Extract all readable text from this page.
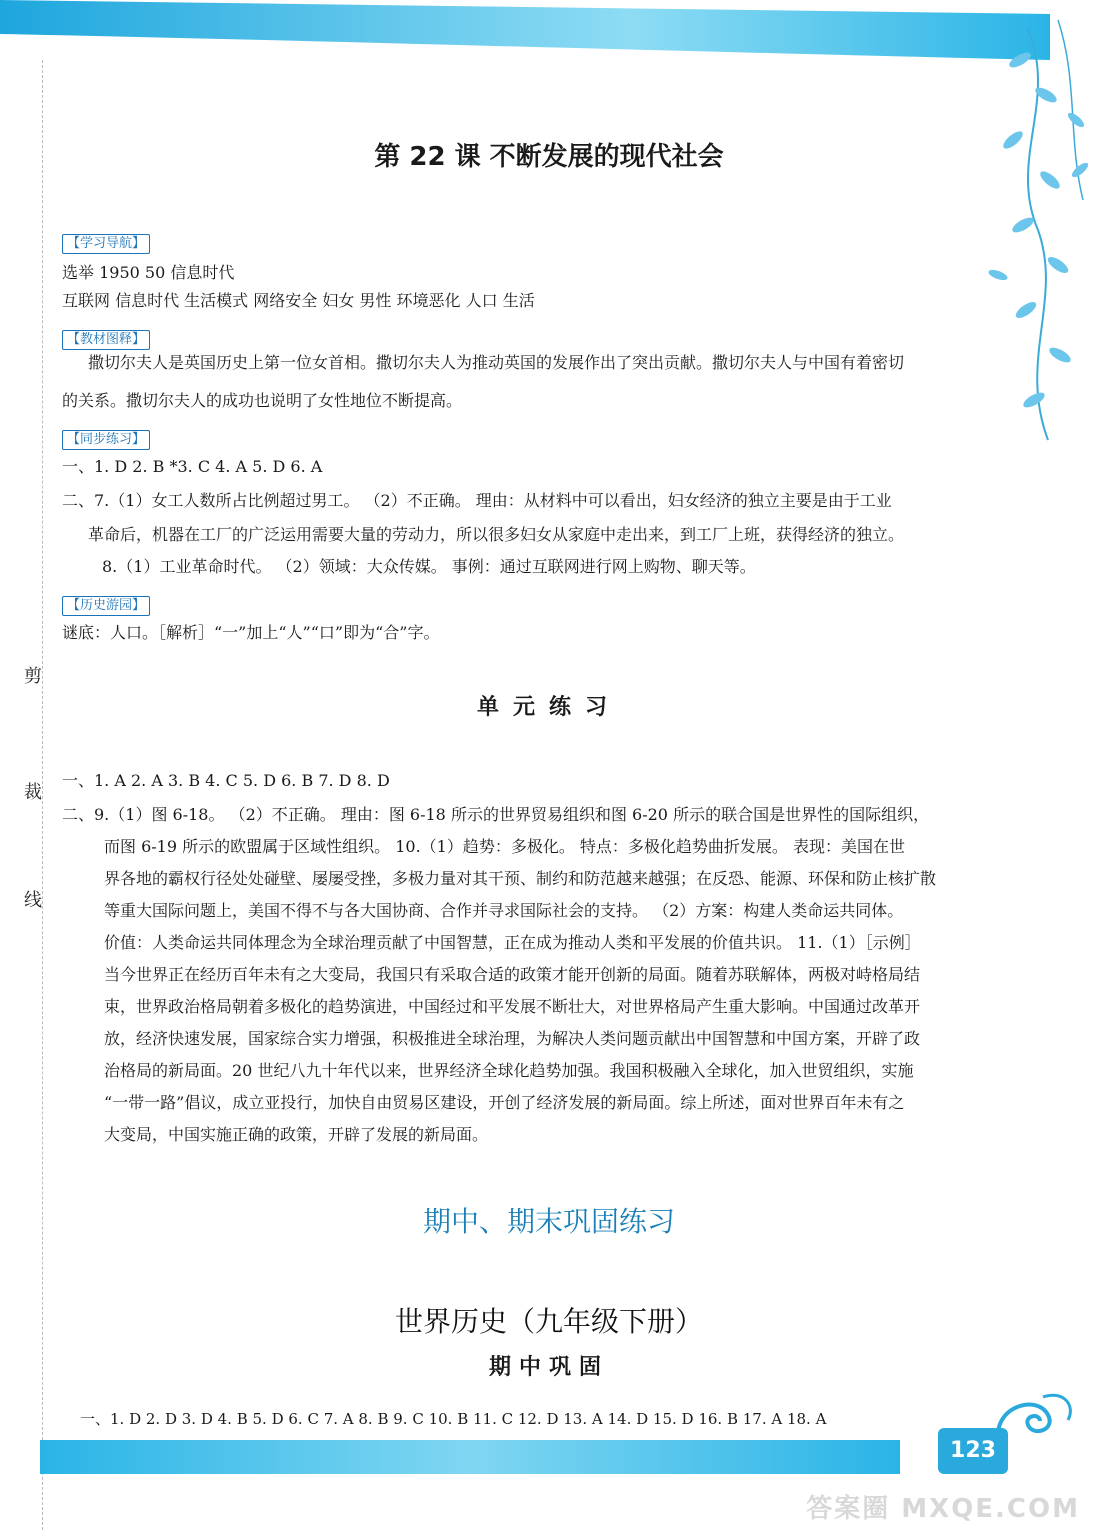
剪
裁
线
第 22 课 不断发展的现代社会
【学习导航】
选举 1950 50 信息时代
互联网 信息时代 生活模式 网络安全 妇女 男性 环境恶化 人口 生活
【教材图释】
撒切尔夫人是英国历史上第一位女首相。撒切尔夫人为推动英国的发展作出了突出贡献。撒切尔夫人与中国有着密切
的关系。撒切尔夫人的成功也说明了女性地位不断提高。
【同步练习】
一、1. D 2. B *3. C 4. A 5. D 6. A
二、7.（1）女工人数所占比例超过男工。 （2）不正确。 理由：从材料中可以看出，妇女经济的独立主要是由于工业
革命后，机器在工厂的广泛运用需要大量的劳动力，所以很多妇女从家庭中走出来，到工厂上班，获得经济的独立。
8.（1）工业革命时代。 （2）领域：大众传媒。 事例：通过互联网进行网上购物、聊天等。
【历史游园】
谜底：人口。［解析］“一”加上“人”“口”即为“合”字。
单元练习
一、1. A 2. A 3. B 4. C 5. D 6. B 7. D 8. D
二、9.（1）图 6-18。 （2）不正确。 理由：图 6-18 所示的世界贸易组织和图 6-20 所示的联合国是世界性的国际组织，
而图 6-19 所示的欧盟属于区域性组织。 10.（1）趋势：多极化。 特点：多极化趋势曲折发展。 表现：美国在世
界各地的霸权行径处处碰壁、屡屡受挫，多极力量对其干预、制约和防范越来越强；在反恐、能源、环保和防止核扩散
等重大国际问题上，美国不得不与各大国协商、合作并寻求国际社会的支持。 （2）方案：构建人类命运共同体。
价值：人类命运共同体理念为全球治理贡献了中国智慧，正在成为推动人类和平发展的价值共识。 11.（1）［示例］
当今世界正在经历百年未有之大变局，我国只有采取合适的政策才能开创新的局面。随着苏联解体，两极对峙格局结
束，世界政治格局朝着多极化的趋势演进，中国经过和平发展不断壮大，对世界格局产生重大影响。中国通过改革开
放，经济快速发展，国家综合实力增强，积极推进全球治理，为解决人类问题贡献出中国智慧和中国方案，开辟了政
治格局的新局面。20 世纪八九十年代以来，世界经济全球化趋势加强。我国积极融入全球化，加入世贸组织，实施
“一带一路”倡议，成立亚投行，加快自由贸易区建设，开创了经济发展的新局面。综上所述，面对世界百年未有之
大变局，中国实施正确的政策，开辟了发展的新局面。
期中、期末巩固练习
世界历史（九年级下册）
期中巩固
一、1. D 2. D 3. D 4. B 5. D 6. C 7. A 8. B 9. C 10. B 11. C 12. D 13. A 14. D 15. D 16. B 17. A 18. A
123
答案圈 MXQE.COM
